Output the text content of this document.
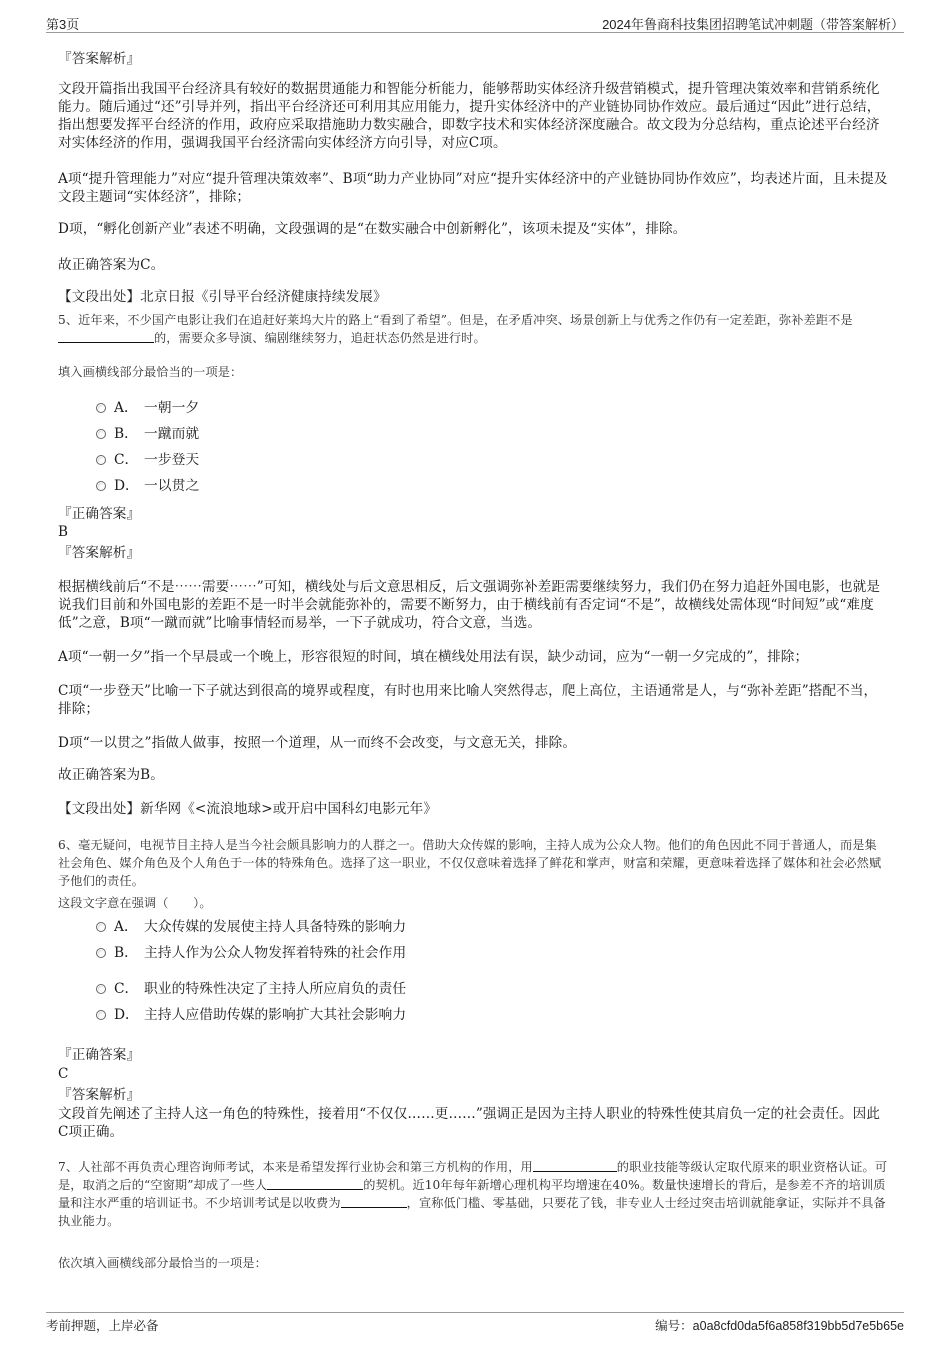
第3页	2024年鲁商科技集团招聘笔试冲刺题（带答案解析）
『答案解析』
文段开篇指出我国平台经济具有较好的数据贯通能力和智能分析能力，能够帮助实体经济升级营销模式，提升管理决策效率和营销系统化能力。随后通过“还”引导并列，指出平台经济还可利用其应用能力，提升实体经济中的产业链协同协作效应。最后通过“因此”进行总结，指出想要发挥平台经济的作用，政府应采取措施助力数实融合，即数字技术和实体经济深度融合。故文段为分总结构，重点论述平台经济对实体经济的作用，强调我国平台经济需向实体经济方向引导，对应C项。
A项“提升管理能力”对应“提升管理决策效率”、B项“助力产业协同”对应“提升实体经济中的产业链协同协作效应”，均表述片面，且未提及文段主题词“实体经济”，排除；
D项，“孵化创新产业”表述不明确，文段强调的是“在数实融合中创新孵化”，该项未提及“实体”，排除。
故正确答案为C。
【文段出处】北京日报《引导平台经济健康持续发展》
5、近年来，不少国产电影让我们在追赶好莱坞大片的路上“看到了希望”。但是，在矛盾冲突、场景创新上与优秀之作仍有一定差距，弥补差距不是的，需要众多导演、编剧继续努力，追赶状态仍然是进行时。
填入画横线部分最恰当的一项是：
A． 一朝一夕
B． 一蹴而就
C． 一步登天
D． 一以贯之
『正确答案』
B
『答案解析』
根据横线前后“不是⋯⋯需要⋯⋯”可知，横线处与后文意思相反，后文强调弥补差距需要继续努力，我们仍在努力追赶外国电影，也就是说我们目前和外国电影的差距不是一时半会就能弥补的，需要不断努力，由于横线前有否定词“不是”，故横线处需体现“时间短”或“难度低”之意，B项“一蹴而就”比喻事情轻而易举，一下子就成功，符合文意，当选。
A项“一朝一夕”指一个早晨或一个晚上，形容很短的时间，填在横线处用法有误，缺少动词，应为“一朝一夕完成的”，排除；
C项“一步登天”比喻一下子就达到很高的境界或程度，有时也用来比喻人突然得志，爬上高位，主语通常是人，与“弥补差距”搭配不当，排除；
D项“一以贯之”指做人做事，按照一个道理，从一而终不会改变，与文意无关，排除。
故正确答案为B。
【文段出处】新华网《<流浪地球>或开启中国科幻电影元年》
6、毫无疑问，电视节目主持人是当今社会颇具影响力的人群之一。借助大众传媒的影响，主持人成为公众人物。他们的角色因此不同于普通人，而是集社会角色、媒介角色及个人角色于一体的特殊角色。选择了这一职业，不仅仅意味着选择了鲜花和掌声，财富和荣耀，更意味着选择了媒体和社会必然赋予他们的责任。
这段文字意在强调（　　）。
A． 大众传媒的发展使主持人具备特殊的影响力
B． 主持人作为公众人物发挥着特殊的社会作用
C． 职业的特殊性决定了主持人所应肩负的责任
D． 主持人应借助传媒的影响扩大其社会影响力
『正确答案』
C
『答案解析』
文段首先阐述了主持人这一角色的特殊性，接着用“不仅仅……更……”强调正是因为主持人职业的特殊性使其肩负一定的社会责任。因此C项正确。
7、人社部不再负责心理咨询师考试，本来是希望发挥行业协会和第三方机构的作用，用	的职业技能等级认定取代原来的职业资格认证。可是，取消之后的“空窗期”却成了一些人	的契机。近10年每年新增心理机构平均增速在40%。数量快速增长的背后，是参差不齐的培训质量和注水严重的培训证书。不少培训考试是以收费为	，宣称低门槛、零基础，只要花了钱，非专业人士经过突击培训就能拿证，实际并不具备执业能力。
依次填入画横线部分最恰当的一项是：
考前押题，上岸必备	编号：a0a8cfd0da5f6a858f319bb5d7e5b65e
